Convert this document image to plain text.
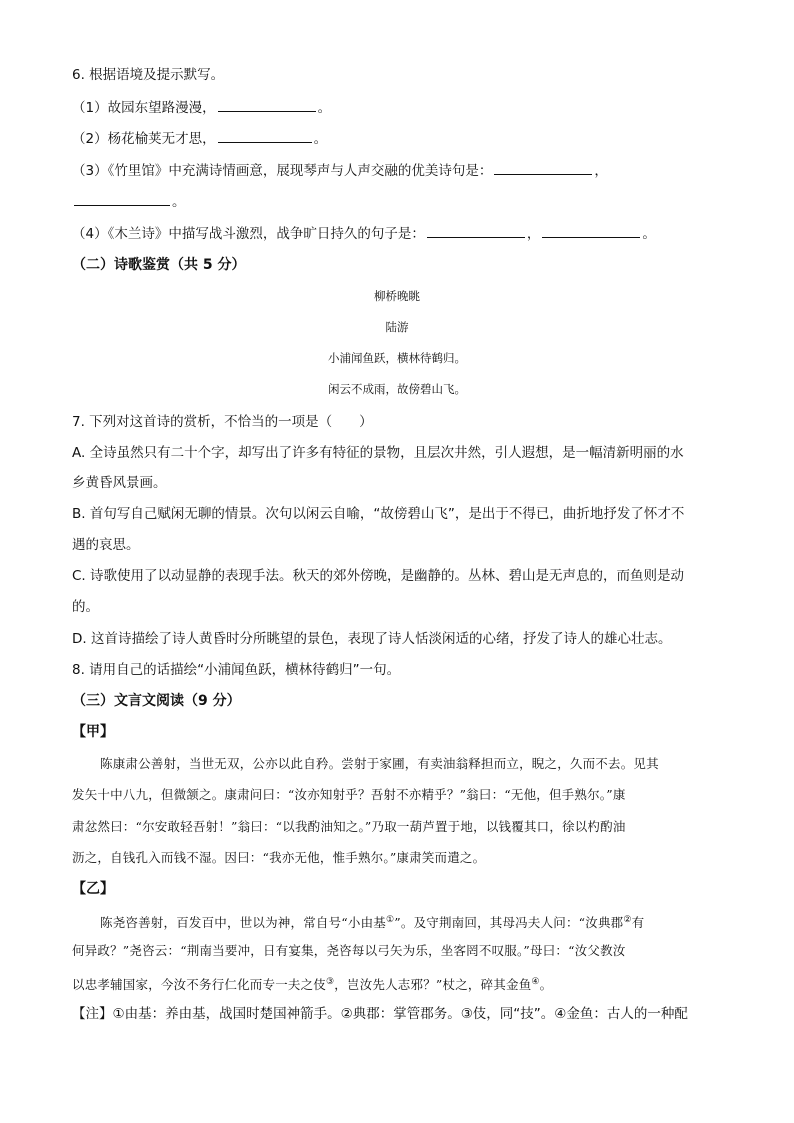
6. 根据语境及提示默写。
（1）故园东望路漫漫，	。
（2）杨花榆荚无才思，	。
（3）《竹里馆》中充满诗情画意，展现琴声与人声交融的优美诗句是：	，
。
（4）《木兰诗》中描写战斗激烈，战争旷日持久的句子是：	，	。
（二）诗歌鉴赏（共 5 分）
柳桥晚眺
陆游
小浦闻鱼跃，横林待鹤归。
闲云不成雨，故傍碧山飞。
7. 下列对这首诗的赏析，不恰当的一项是（　　）
A. 全诗虽然只有二十个字，却写出了许多有特征的景物，且层次井然，引人遐想，是一幅清新明丽的水
乡黄昏风景画。
B. 首句写自己赋闲无聊的情景。次句以闲云自喻，“故傍碧山飞”，是出于不得已，曲折地抒发了怀才不
遇的哀思。
C. 诗歌使用了以动显静的表现手法。秋天的郊外傍晚，是幽静的。丛林、碧山是无声息的，而鱼则是动
的。
D. 这首诗描绘了诗人黄昏时分所眺望的景色，表现了诗人恬淡闲适的心绪，抒发了诗人的雄心壮志。
8. 请用自己的话描绘“小浦闻鱼跃，横林待鹤归”一句。
（三）文言文阅读（9 分）
【甲】
陈康肃公善射，当世无双，公亦以此自矜。尝射于家圃，有卖油翁释担而立，睨之，久而不去。见其
发矢十中八九，但微颔之。康肃问曰：“汝亦知射乎？吾射不亦精乎？”翁曰：“无他，但手熟尔。”康
肃忿然曰：“尔安敢轻吾射！”翁曰：“以我酌油知之。”乃取一葫芦置于地，以钱覆其口，徐以杓酌油
沥之，自钱孔入而钱不湿。因曰：“我亦无他，惟手熟尔。”康肃笑而遣之。
【乙】
陈尧咨善射，百发百中，世以为神，常自号“小由基①”。及守荆南回，其母冯夫人问：“汝典郡②有
何异政？”尧咨云：“荆南当要冲，日有宴集，尧咨每以弓矢为乐，坐客罔不叹服。”母曰：“汝父教汝
以忠孝辅国家，今汝不务行仁化而专一夫之伎③，岂汝先人志邪？”杖之，碎其金鱼④。
【注】①由基：养由基，战国时楚国神箭手。②典郡：掌管郡务。③伎，同“技”。④金鱼：古人的一种配
